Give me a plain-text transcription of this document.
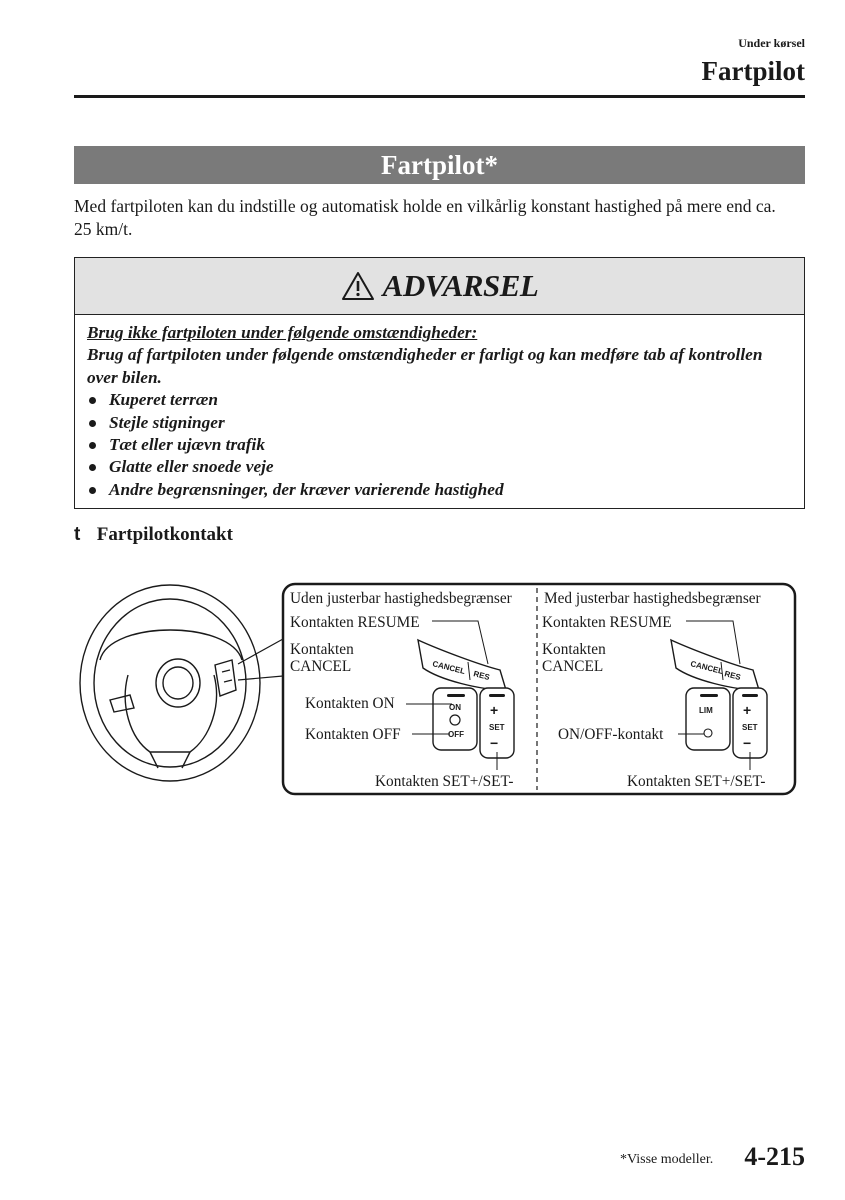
Under kørsel
Fartpilot
Fartpilot*

Med fartpiloten kan du indstille og automatisk holde en vilkårlig konstant hastighed på mere end ca. 25 km/t.

ADVARSEL
Brug ikke fartpiloten under følgende omstændigheder:
Brug af fartpiloten under følgende omstændigheder er farligt og kan medføre tab af kontrollen over bilen.
Kuperet terræn
Stejle stigninger
Tæt eller ujævn trafik
Glatte eller snoede veje
Andre begrænsninger, der kræver varierende hastighed
t Fartpilotkontakt
CANCEL RES
ON
OFF
+
SET
−
CANCEL RES
LIM +
SET
−
Uden justerbar hastighedsbegrænser
Kontakten RESUME
Kontakten
CANCEL
Kontakten ON
Kontakten OFF
Kontakten SET+/SET-
Med justerbar hastighedsbegrænser
Kontakten RESUME
Kontakten
CANCEL
ON/OFF-kontakt
Kontakten SET+/SET-
*Visse modeller. 4-215
